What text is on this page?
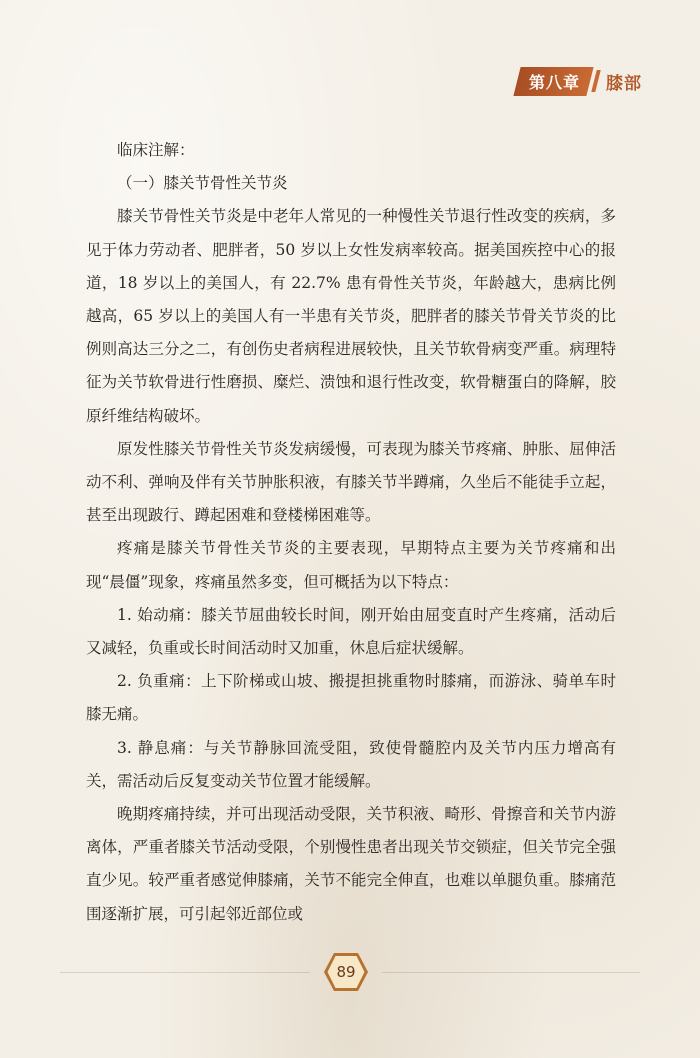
第八章	膝部

临床注解：

（一）膝关节骨性关节炎

膝关节骨性关节炎是中老年人常见的一种慢性关节退行性改变的疾病，多见于体力劳动者、肥胖者，50 岁以上女性发病率较高。据美国疾控中心的报道，18 岁以上的美国人，有 22.7% 患有骨性关节炎，年龄越大，患病比例越高，65 岁以上的美国人有一半患有关节炎，肥胖者的膝关节骨关节炎的比例则高达三分之二，有创伤史者病程进展较快，且关节软骨病变严重。病理特征为关节软骨进行性磨损、糜烂、溃蚀和退行性改变，软骨糖蛋白的降解，胶原纤维结构破坏。

原发性膝关节骨性关节炎发病缓慢，可表现为膝关节疼痛、肿胀、屈伸活动不利、弹响及伴有关节肿胀积液，有膝关节半蹲痛，久坐后不能徒手立起，甚至出现跛行、蹲起困难和登楼梯困难等。

疼痛是膝关节骨性关节炎的主要表现，早期特点主要为关节疼痛和出现“晨僵”现象，疼痛虽然多变，但可概括为以下特点：

1. 始动痛：膝关节屈曲较长时间，刚开始由屈变直时产生疼痛，活动后又减轻，负重或长时间活动时又加重，休息后症状缓解。

2. 负重痛：上下阶梯或山坡、搬提担挑重物时膝痛，而游泳、骑单车时膝无痛。

3. 静息痛：与关节静脉回流受阻，致使骨髓腔内及关节内压力增高有关，需活动后反复变动关节位置才能缓解。

晚期疼痛持续，并可出现活动受限，关节积液、畸形、骨擦音和关节内游离体，严重者膝关节活动受限，个别慢性患者出现关节交锁症，但关节完全强直少见。较严重者感觉伸膝痛，关节不能完全伸直，也难以单腿负重。膝痛范围逐渐扩展，可引起邻近部位或

89
